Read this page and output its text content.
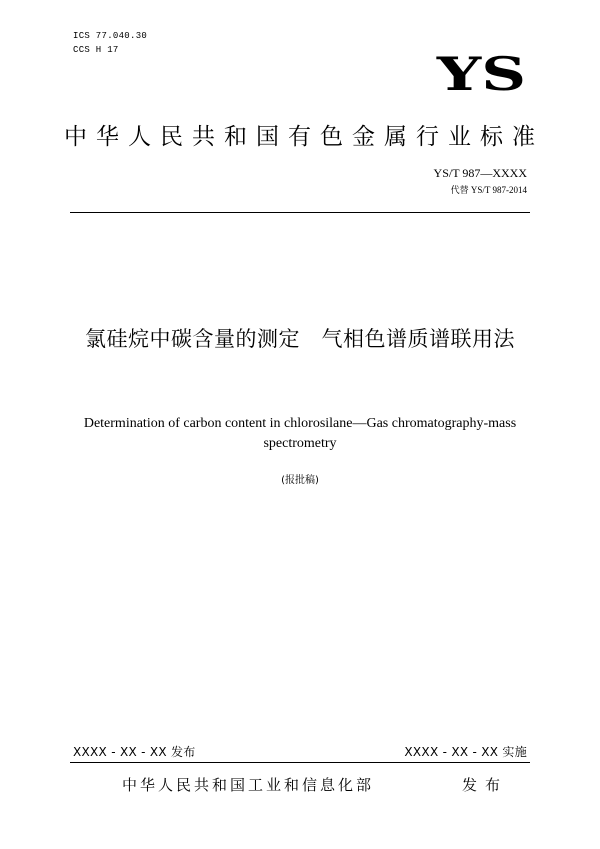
ICS 77.040.30
CCS H 17	YS
中华人民共和国有色金属行业标准
YS/T 987—XXXX
代替 YS/T 987-2014
氯硅烷中碳含量的测定　气相色谱质谱联用法
Determination of carbon content in chlorosilane—Gas chromatography-mass spectrometry
(报批稿)
XXXX - XX - XX 发布	XXXX - XX - XX 实施
中华人民共和国工业和信息化部	发布
